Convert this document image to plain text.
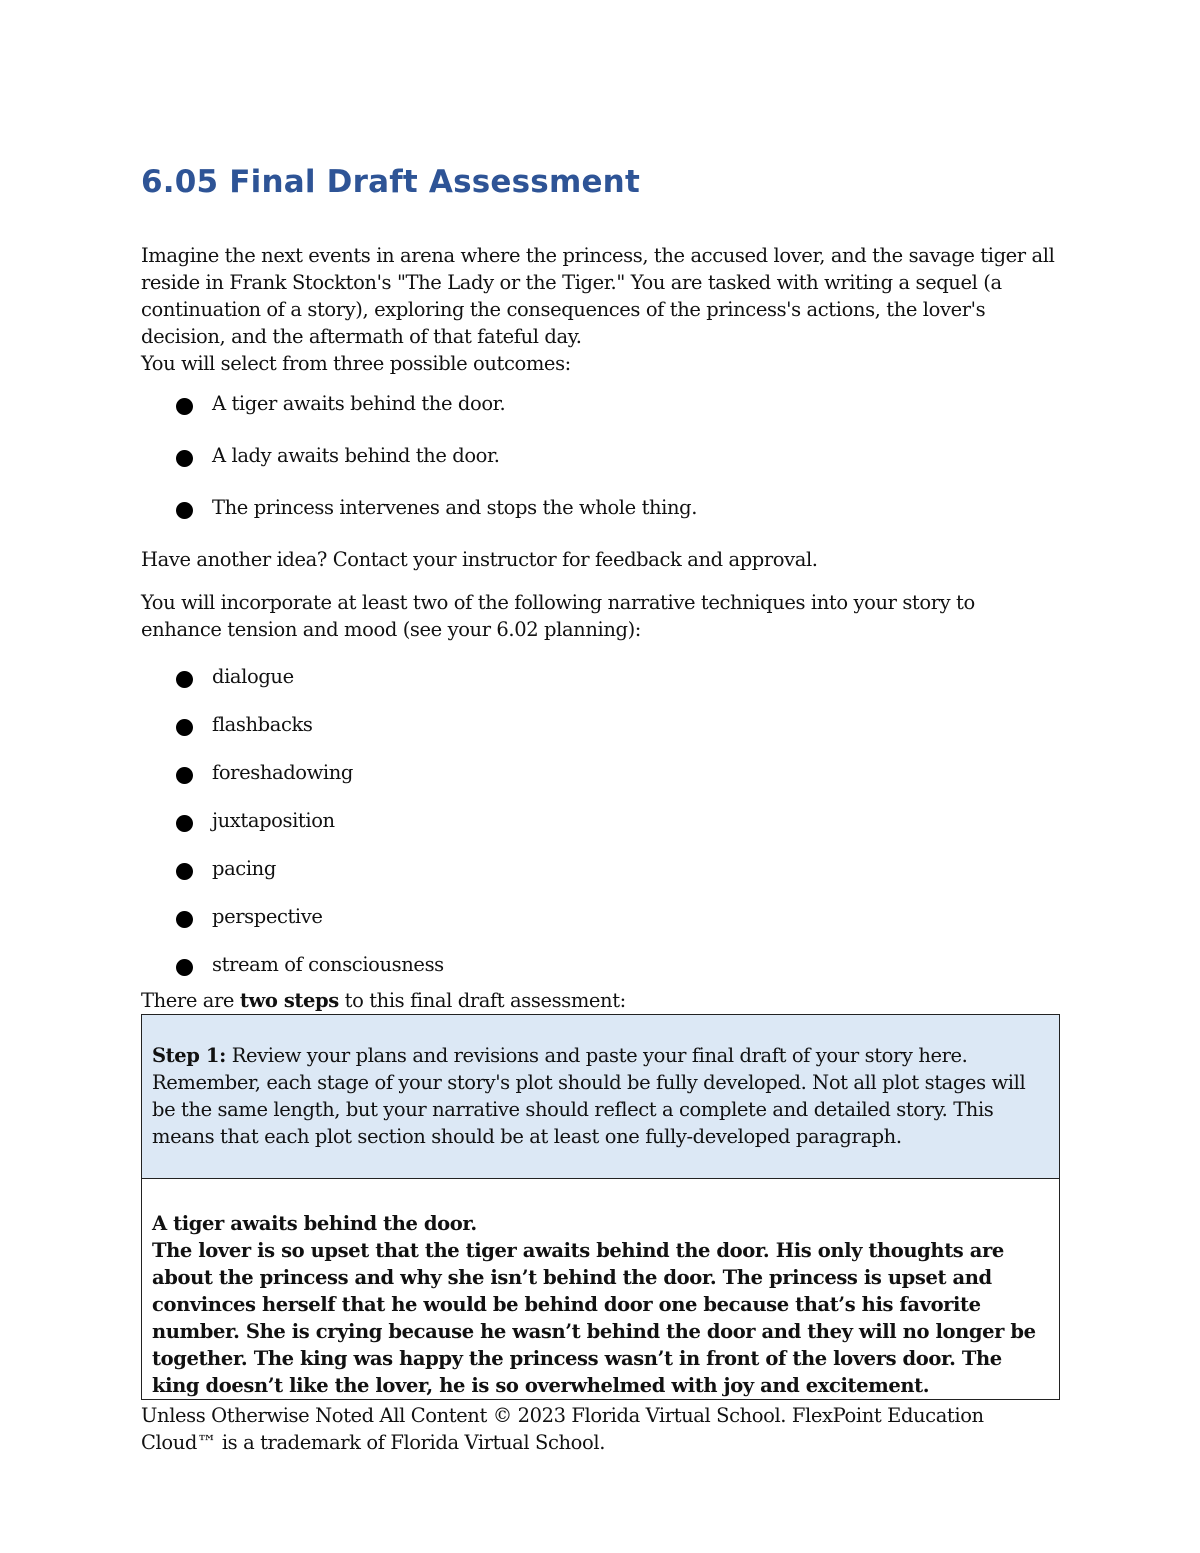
6.05 Final Draft Assessment

Imagine the next events in arena where the princess, the accused lover, and the savage tiger all reside in Frank Stockton's "The Lady or the Tiger." You are tasked with writing a sequel (a continuation of a story), exploring the consequences of the princess's actions, the lover's decision, and the aftermath of that fateful day.

You will select from three possible outcomes:

A tiger awaits behind the door.
A lady awaits behind the door.
The princess intervenes and stops the whole thing.

Have another idea? Contact your instructor for feedback and approval.

You will incorporate at least two of the following narrative techniques into your story to enhance tension and mood (see your 6.02 planning):

dialogue
flashbacks
foreshadowing
juxtaposition
pacing
perspective
stream of consciousness

There are two steps to this final draft assessment:

Step 1: Review your plans and revisions and paste your final draft of your story here. Remember, each stage of your story's plot should be fully developed. Not all plot stages will be the same length, but your narrative should reflect a complete and detailed story. This means that each plot section should be at least one fully-developed paragraph.

A tiger awaits behind the door.
The lover is so upset that the tiger awaits behind the door. His only thoughts are about the princess and why she isn’t behind the door. The princess is upset and convinces herself that he would be behind door one because that’s his favorite number. She is crying because he wasn’t behind the door and they will no longer be together. The king was happy the princess wasn’t in front of the lovers door. The king doesn’t like the lover, he is so overwhelmed with joy and excitement.

Unless Otherwise Noted All Content © 2023 Florida Virtual School. FlexPoint Education Cloud™ is a trademark of Florida Virtual School.
